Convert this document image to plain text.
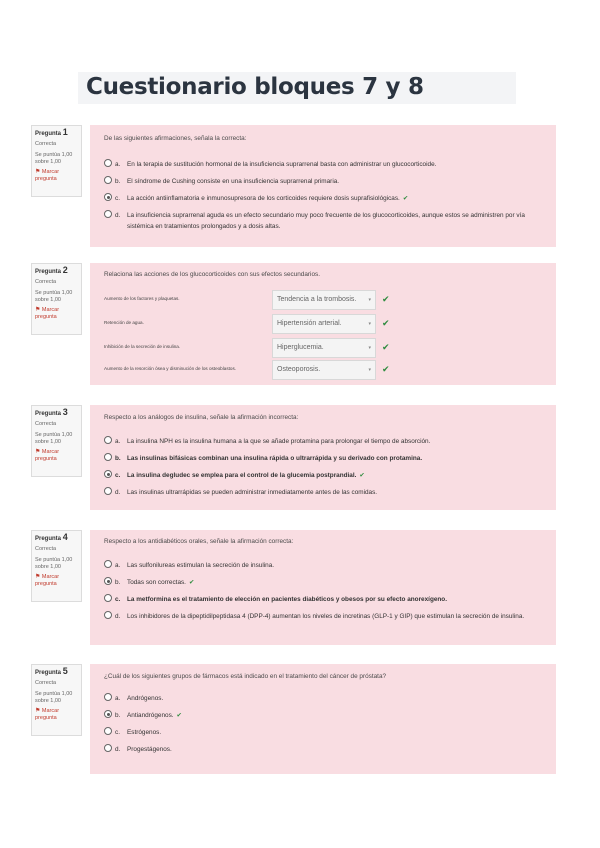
Cuestionario bloques 7 y 8
Pregunta 1
Correcta
Se puntúa 1,00 sobre 1,00
⚑ Marcar pregunta
De las siguientes afirmaciones, señala la correcta:
a. En la terapia de sustitución hormonal de la insuficiencia suprarrenal basta con administrar un glucocorticoide.
b. El síndrome de Cushing consiste en una insuficiencia suprarrenal primaria.
c. La acción antiinflamatoria e inmunosupresora de los corticoides requiere dosis suprafisiológicas. ✔
d. La insuficiencia suprarrenal aguda es un efecto secundario muy poco frecuente de los glucocorticoides, aunque estos se administren por vía sistémica en tratamientos prolongados y a dosis altas.
Pregunta 2
Correcta
Se puntúa 1,00 sobre 1,00
⚑ Marcar pregunta
Relaciona las acciones de los glucocorticoides con sus efectos secundarios.
Aumento de los factores y plaquetas.	Tendencia a la trombosis. ▾ ✔
Retención de agua.	Hipertensión arterial.	▾ ✔
Inhibición de la secreción de insulina.	Hiperglucemia.	▾ ✔
Aumento de la resorción ósea y disminución de los osteoblastos.	Osteoporosis.	▾ ✔
Pregunta 3
Correcta
Se puntúa 1,00 sobre 1,00
⚑ Marcar pregunta
Respecto a los análogos de insulina, señale la afirmación incorrecta:
a. La insulina NPH es la insulina humana a la que se añade protamina para prolongar el tiempo de absorción.
b. Las insulinas bifásicas combinan una insulina rápida o ultrarrápida y su derivado con protamina.
c. La insulina degludec se emplea para el control de la glucemia postprandial. ✔
d. Las insulinas ultrarrápidas se pueden administrar inmediatamente antes de las comidas.
Pregunta 4
Correcta
Se puntúa 1,00 sobre 1,00
⚑ Marcar pregunta
Respecto a los antidiabéticos orales, señale la afirmación correcta:
a. Las sulfonilureas estimulan la secreción de insulina.
b. Todas son correctas. ✔
c. La metformina es el tratamiento de elección en pacientes diabéticos y obesos por su efecto anorexígeno.
d. Los inhibidores de la dipeptidilpeptidasa 4 (DPP-4) aumentan los niveles de incretinas (GLP-1 y GIP) que estimulan la secreción de insulina.
Pregunta 5
Correcta
Se puntúa 1,00 sobre 1,00
⚑ Marcar pregunta
¿Cuál de los siguientes grupos de fármacos está indicado en el tratamiento del cáncer de próstata?
a. Andrógenos.
b. Antiandrógenos. ✔
c. Estrógenos.
d. Progestágenos.
